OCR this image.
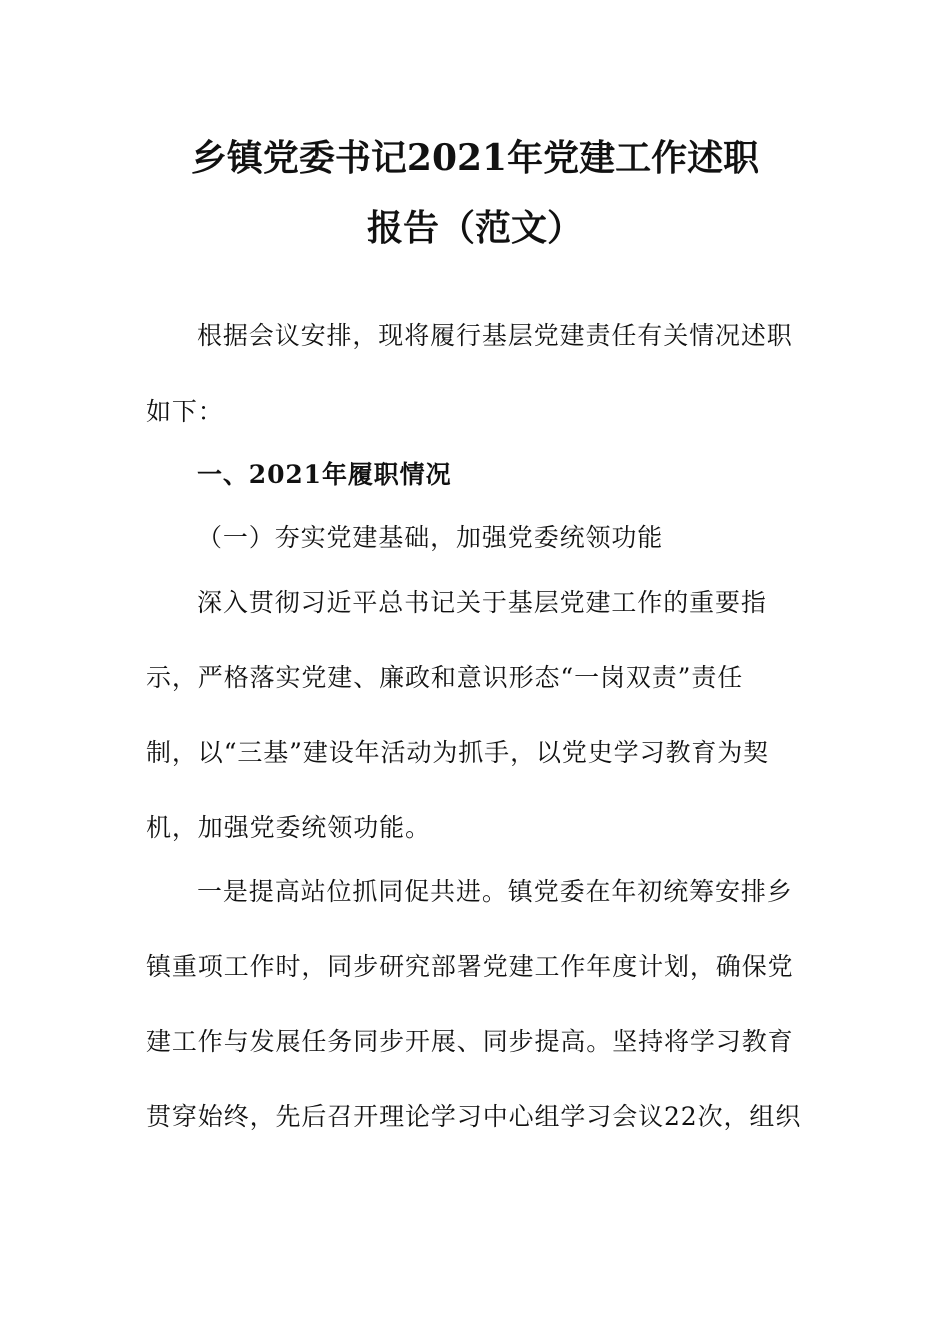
乡镇党委书记2021年党建工作述职
报告（范文）
根据会议安排，现将履行基层党建责任有关情况述职
如下：
一、2021年履职情况
（一）夯实党建基础，加强党委统领功能
深入贯彻习近平总书记关于基层党建工作的重要指
示，严格落实党建、廉政和意识形态“一岗双责”责任
制，以“三基”建设年活动为抓手，以党史学习教育为契
机，加强党委统领功能。
一是提高站位抓同促共进。镇党委在年初统筹安排乡
镇重项工作时，同步研究部署党建工作年度计划，确保党
建工作与发展任务同步开展、同步提高。坚持将学习教育
贯穿始终，先后召开理论学习中心组学习会议22次，组织
